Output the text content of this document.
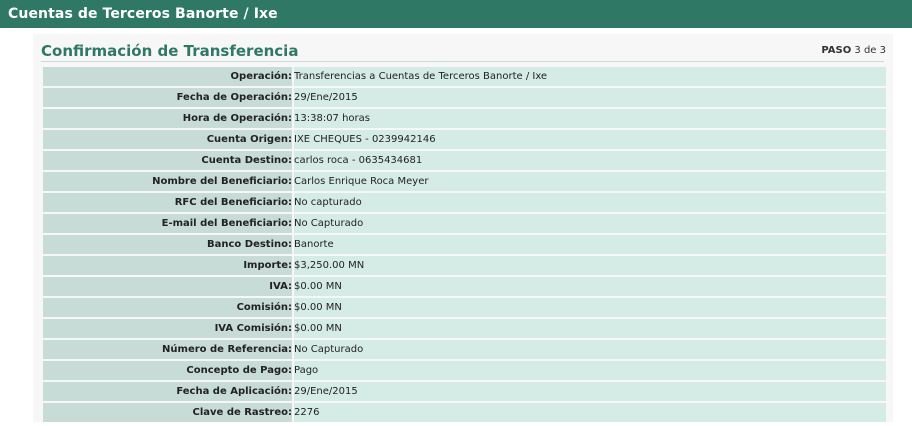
Cuentas de Terceros Banorte / Ixe
Confirmación de Transferencia	PASO 3 de 3
Operación:	Transferencias a Cuentas de Terceros Banorte / Ixe
Fecha de Operación:	29/Ene/2015
Hora de Operación:	13:38:07 horas
Cuenta Origen:	IXE CHEQUES - 0239942146
Cuenta Destino:	carlos roca - 0635434681
Nombre del Beneficiario:	Carlos Enrique Roca Meyer
RFC del Beneficiario:	No capturado
E-mail del Beneficiario:	No Capturado
Banco Destino:	Banorte
Importe:	$3,250.00 MN
IVA:	$0.00 MN
Comisión:	$0.00 MN
IVA Comisión:	$0.00 MN
Número de Referencia:	No Capturado
Concepto de Pago:	Pago
Fecha de Aplicación:	29/Ene/2015
Clave de Rastreo:	2276
